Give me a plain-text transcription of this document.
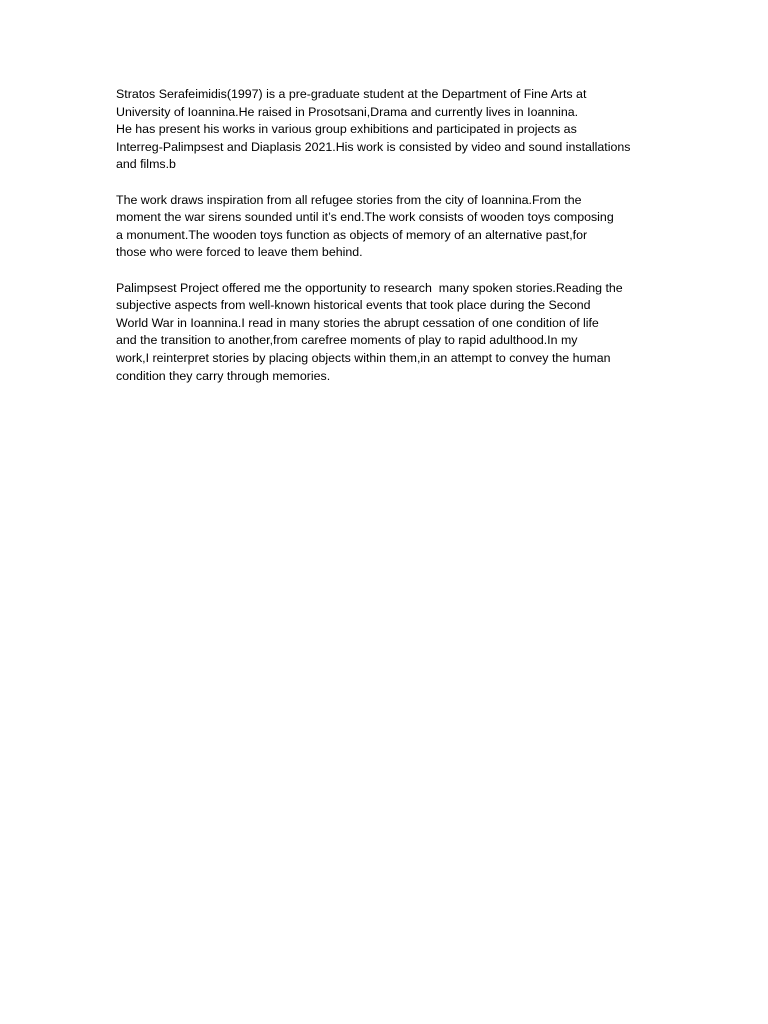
Stratos Serafeimidis(1997) is a pre-graduate student at the Department of Fine Arts at
University of Ioannina.He raised in Prosotsani,Drama and currently lives in Ioannina.
He has present his works in various group exhibitions and participated in projects as
Interreg-Palimpsest and Diaplasis 2021.His work is consisted by video and sound installations
and films.b

The work draws inspiration from all refugee stories from the city of Ioannina.From the
moment the war sirens sounded until it’s end.The work consists of wooden toys composing
a monument.The wooden toys function as objects of memory of an alternative past,for
those who were forced to leave them behind.

Palimpsest Project offered me the opportunity to research  many spoken stories.Reading the
subjective aspects from well-known historical events that took place during the Second
World War in Ioannina.I read in many stories the abrupt cessation of one condition of life
and the transition to another,from carefree moments of play to rapid adulthood.In my
work,I reinterpret stories by placing objects within them,in an attempt to convey the human
condition they carry through memories.
